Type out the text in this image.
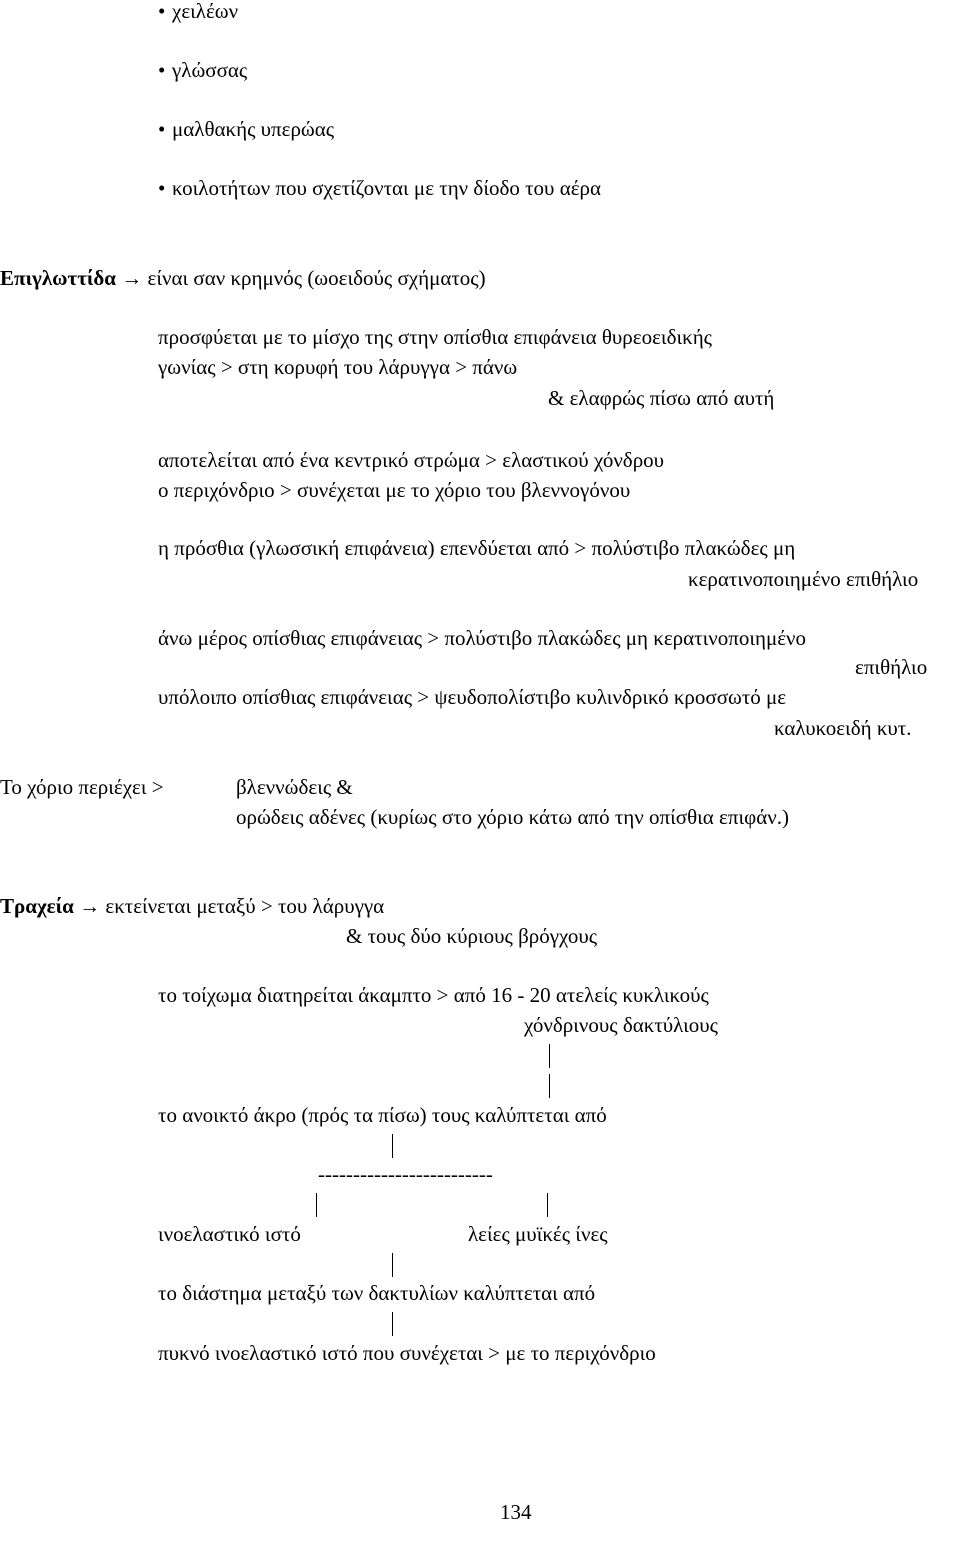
• χειλέων
• γλώσσας
• μαλθακής υπερώας
• κοιλοτήτων που σχετίζονται με την δίοδο του αέρα
Επιγλωττίδα → είναι σαν κρημνός (ωοειδούς σχήματος)
προσφύεται με το μίσχο της στην οπίσθια επιφάνεια θυρεοειδικής
γωνίας > στη κορυφή του λάρυγγα > πάνω
& ελαφρώς πίσω από αυτή
αποτελείται από ένα κεντρικό στρώμα > ελαστικού χόνδρου
ο περιχόνδριο > συνέχεται με το χόριο του βλεννογόνου
η πρόσθια (γλωσσική επιφάνεια) επενδύεται από > πολύστιβο πλακώδες μη
κερατινοποιημένο επιθήλιο
άνω μέρος οπίσθιας επιφάνειας > πολύστιβο πλακώδες μη κερατινοποιημένο
επιθήλιο
υπόλοιπο οπίσθιας επιφάνειας > ψευδοπολίστιβο κυλινδρικό κροσσωτό με
καλυκοειδή κυτ.
Το χόριο περιέχει >	βλεννώδεις &
ορώδεις αδένες (κυρίως στο χόριο κάτω από την οπίσθια επιφάν.)
Τραχεία → εκτείνεται μεταξύ > του λάρυγγα
& τους δύο κύριους βρόγχους
το τοίχωμα διατηρείται άκαμπτο > από 16 - 20 ατελείς κυκλικούς
χόνδρινους δακτύλιους
το ανοικτό άκρο (πρός τα πίσω) τους καλύπτεται από
-------------------------
ινοελαστικό ιστό	λείες μυϊκές ίνες
το διάστημα μεταξύ των δακτυλίων καλύπτεται από
πυκνό ινοελαστικό ιστό που συνέχεται > με το περιχόνδριο
134
